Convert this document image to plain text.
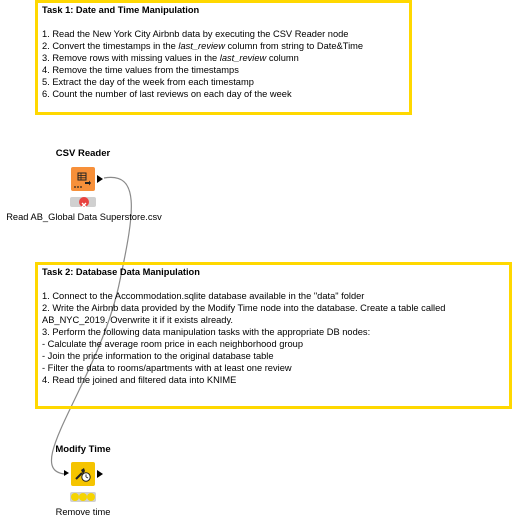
Task 1: Date and Time Manipulation
1. Read the New York City Airbnb data by executing the CSV Reader node
2. Convert the timestamps in the last_review column from string to Date&Time
3. Remove rows with missing values in the last_review column
4. Remove the time values from the timestamps
5. Extract the day of the week from each timestamp
6. Count the number of last reviews on each day of the week
CSV Reader
Read AB_Global Data Superstore.csv
Task 2: Database Data Manipulation
1. Connect to the Accommodation.sqlite database available in the "data" folder
2. Write the Airbnb data provided by the Modify Time node into the database. Create a table called
AB_NYC_2019. Overwrite it if it exists already.
3. Perform the following data manipulation tasks with the appropriate DB nodes:
- Calculate the average room price in each neighborhood group
- Join the price information to the original database table
- Filter the data to rooms/apartments with at least one review
4. Read the joined and filtered data into KNIME
Modify Time
Remove time
